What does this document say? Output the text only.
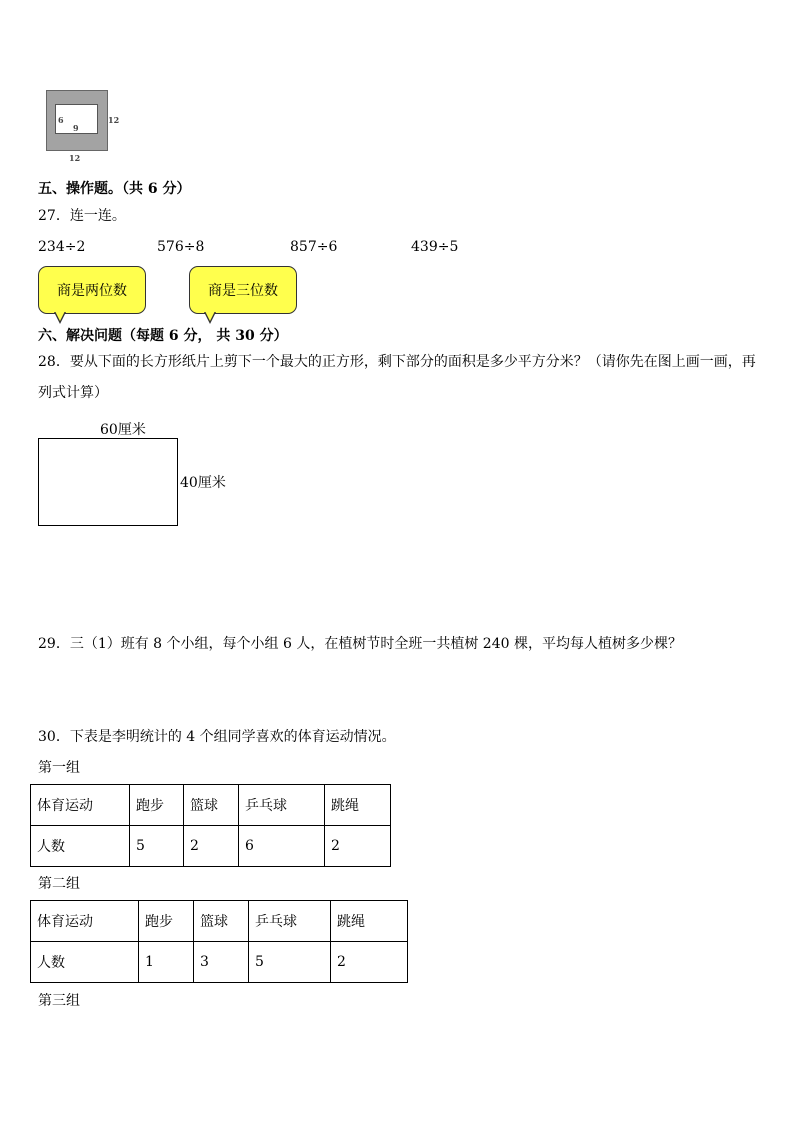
6
9
12
12
五、操作题。（共 6 分）
27．连一连。
234÷2	576÷8	857÷6	439÷5
商是两位数	商是三位数
六、解决问题（每题 6 分， 共 30 分）
28．要从下面的长方形纸片上剪下一个最大的正方形，剩下部分的面积是多少平方分米？（请你先在图上画一画，再
列式计算）
60厘米
40厘米
29．三（1）班有 8 个小组，每个小组 6 人，在植树节时全班一共植树 240 棵，平均每人植树多少棵？
30．下表是李明统计的 4 个组同学喜欢的体育运动情况。
第一组
体育运动	跑步	篮球	乒乓球	跳绳
人数	5	2	6	2
第二组
体育运动	跑步	篮球	乒乓球	跳绳
人数	1	3	5	2
第三组
